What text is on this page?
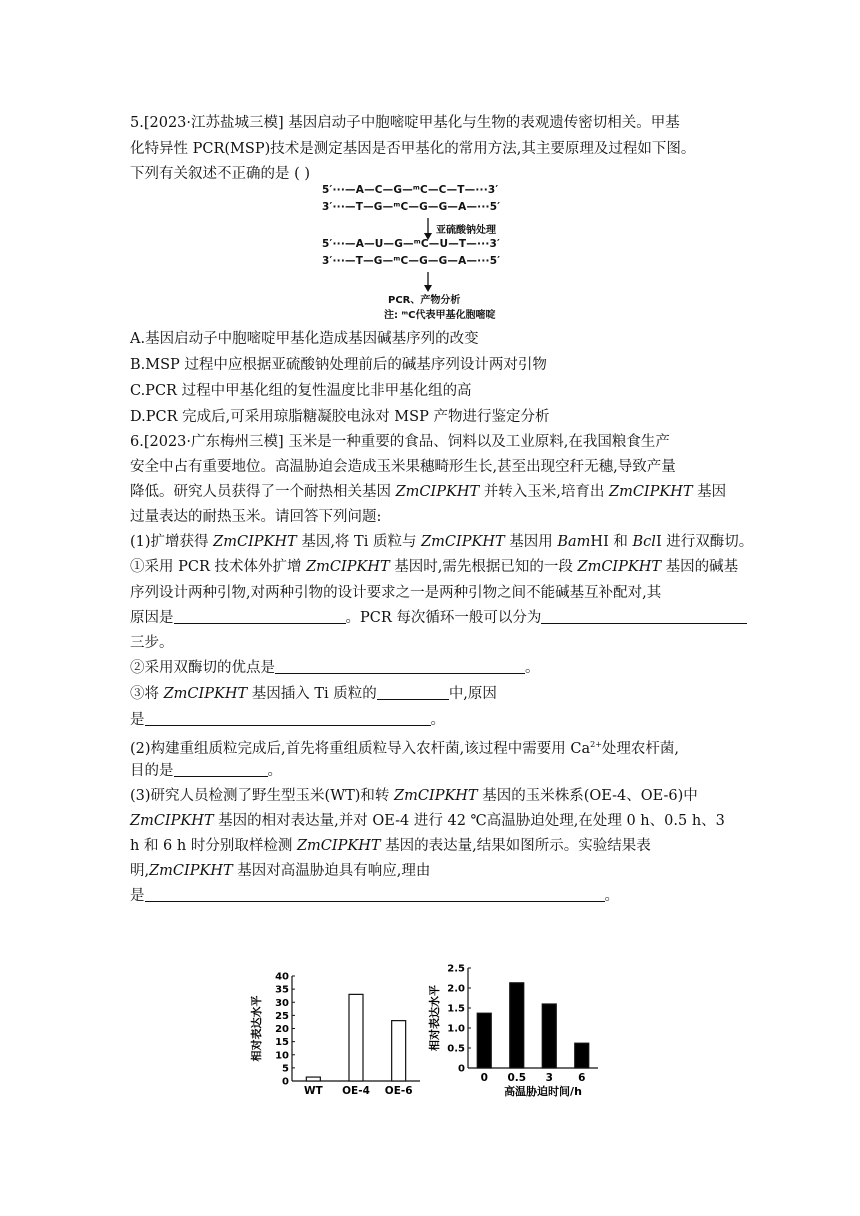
5.[2023·江苏盐城三模] 基因启动子中胞嘧啶甲基化与生物的表观遗传密切相关。甲基
化特异性 PCR(MSP)技术是测定基因是否甲基化的常用方法,其主要原理及过程如下图。
下列有关叙述不正确的是 ( )
5′···—A—C—G—ᵐC—C—T—···3′
3′···—T—G—ᵐC—G—G—A—···5′
亚硫酸钠处理
5′···—A—U—G—ᵐC—U—T—···3′
3′···—T—G—ᵐC—G—G—A—···5′
PCR、产物分析
注: ᵐC代表甲基化胞嘧啶
A.基因启动子中胞嘧啶甲基化造成基因碱基序列的改变
B.MSP 过程中应根据亚硫酸钠处理前后的碱基序列设计两对引物
C.PCR 过程中甲基化组的复性温度比非甲基化组的高
D.PCR 完成后,可采用琼脂糖凝胶电泳对 MSP 产物进行鉴定分析
6.[2023·广东梅州三模] 玉米是一种重要的食品、饲料以及工业原料,在我国粮食生产
安全中占有重要地位。高温胁迫会造成玉米果穗畸形生长,甚至出现空秆无穗,导致产量
降低。研究人员获得了一个耐热相关基因 ZmCIPKHT 并转入玉米,培育出 ZmCIPKHT 基因
过量表达的耐热玉米。请回答下列问题:
(1)扩增获得 ZmCIPKHT 基因,将 Ti 质粒与 ZmCIPKHT 基因用 BamHⅠ 和 BclⅠ 进行双酶切。
①采用 PCR 技术体外扩增 ZmCIPKHT 基因时,需先根据已知的一段 ZmCIPKHT 基因的碱基
序列设计两种引物,对两种引物的设计要求之一是两种引物之间不能碱基互补配对,其
原因是	。PCR 每次循环一般可以分为
三步。
②采用双酶切的优点是	。
③将 ZmCIPKHT 基因插入 Ti 质粒的	中,原因
是	。
(2)构建重组质粒完成后,首先将重组质粒导入农杆菌,该过程中需要用 $Ca^{2+}$处理农杆菌,
目的是	。
(3)研究人员检测了野生型玉米(WT)和转 ZmCIPKHT 基因的玉米株系(OE-4、OE-6)中
ZmCIPKHT 基因的相对表达量,并对 OE-4 进行 42 ℃高温胁迫处理,在处理 0 h、0.5 h、3
h 和 6 h 时分别取样检测 ZmCIPKHT 基因的表达量,结果如图所示。实验结果表
明,ZmCIPKHT 基因对高温胁迫具有响应,理由
是	。
相对表达水平
0
5
10
15
20
25
30
35
40
WT OE-4 OE-6
相对表达水平
0
0.5
1.0
1.5
2.0
2.5
0 0.5 3 6
高温胁迫时间/h
